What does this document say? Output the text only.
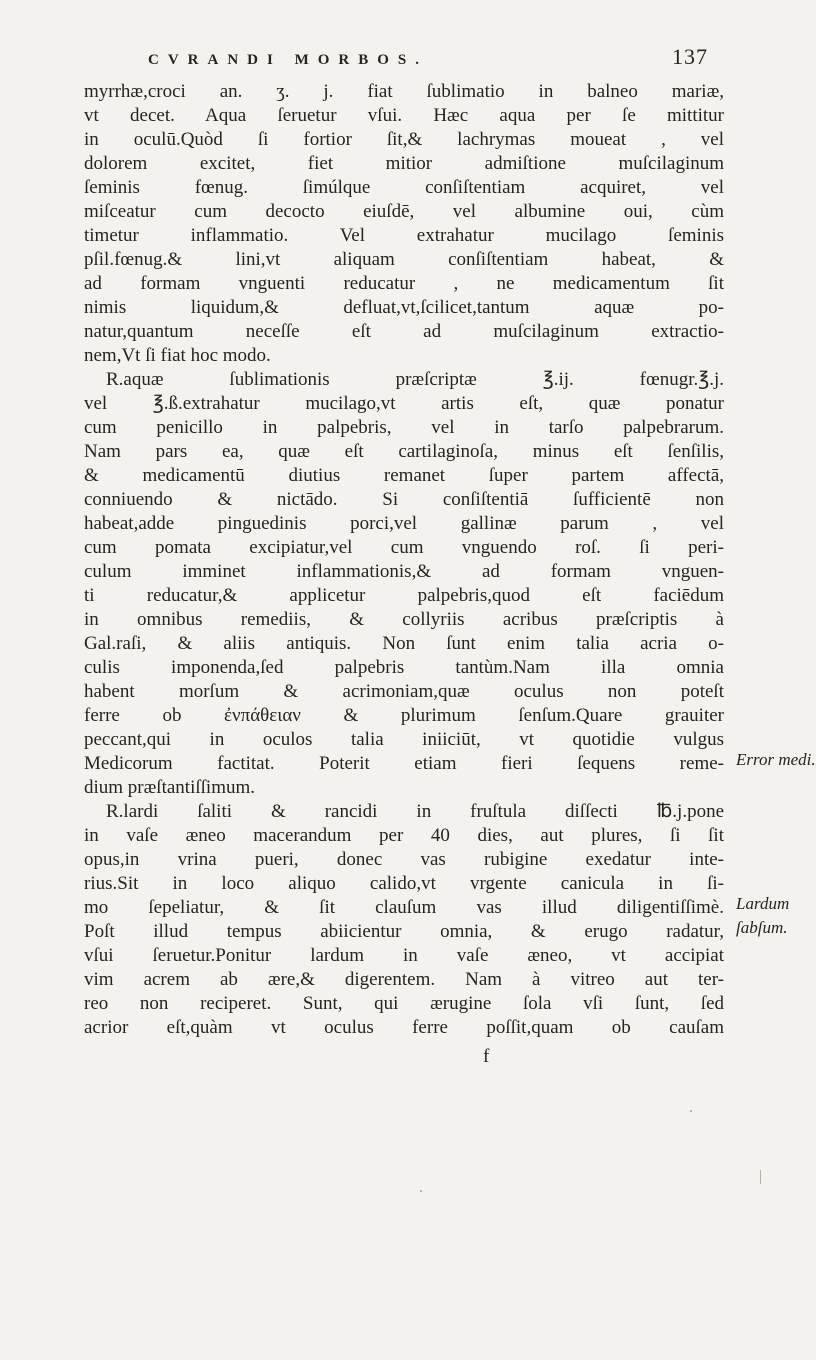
CVRANDI MORBOS.	137
myrrhæ,croci an. ʒ. j. fiat ſublimatio in balneo mariæ,
vt decet. Aqua ſeruetur vſui. Hæc aqua per ſe mittitur
in oculū.Quòd ſi fortior ſit,& lachrymas moueat , vel
dolorem excitet, fiet mitior admiſtione muſcilaginum
ſeminis fœnug. ſimúlque conſiſtentiam acquiret, vel
miſceatur cum decocto eiuſdē, vel albumine oui, cùm
timetur inflammatio. Vel extrahatur mucilago ſeminis
pſil.fœnug.& lini,vt aliquam conſiſtentiam habeat, &
ad formam vnguenti reducatur , ne medicamentum ſit
nimis liquidum,& defluat,vt,ſcilicet,tantum aquæ po-
natur,quantum neceſſe eſt ad muſcilaginum extractio-
nem,Vt ſi fiat hoc modo.
R.aquæ ſublimationis præſcriptæ ℥.ij. fœnugr.℥.j.
vel ℥.ß.extrahatur mucilago,vt artis eſt, quæ ponatur
cum penicillo in palpebris, vel in tarſo palpebrarum.
Nam pars ea, quæ eſt cartilaginoſa, minus eſt ſenſilis,
& medicamentū diutius remanet ſuper partem affectā,
conniuendo & nictādo. Si conſiſtentiā ſufficientē non
habeat,adde pinguedinis porci,vel gallinæ parum , vel
cum pomata excipiatur,vel cum vnguendo roſ. ſi peri-
culum imminet inflammationis,& ad formam vnguen-
ti reducatur,& applicetur palpebris,quod eſt faciēdum
in omnibus remediis, & collyriis acribus præſcriptis à
Gal.raſi, & aliis antiquis. Non ſunt enim talia acria o-
culis imponenda,ſed palpebris tantùm.Nam illa omnia
habent morſum & acrimoniam,quæ oculus non poteſt
ferre ob ἐνπάθειαν & plurimum ſenſum.Quare grauiter
peccant,qui in oculos talia iniiciūt, vt quotidie vulgus
Medicorum factitat. Poterit etiam fieri ſequens reme-
dium præſtantiſſimum.
R.lardi ſaliti & rancidi in fruſtula diſſecti ℔.j.pone
in vaſe æneo macerandum per 40 dies, aut plures, ſi ſit
opus,in vrina pueri, donec vas rubigine exedatur inte-
rius.Sit in loco aliquo calido,vt vrgente canicula in ſi-
mo ſepeliatur, & ſit clauſum vas illud diligentiſſimè.
Poſt illud tempus abiicientur omnia, & erugo radatur,
vſui ſeruetur.Ponitur lardum in vaſe æneo, vt accipiat
vim acrem ab ære,& digerentem. Nam à vitreo aut ter-
reo non reciperet. Sunt, qui ærugine ſola vſi ſunt, ſed
acrior eſt,quàm vt oculus ferre poſſit,quam ob cauſam
Error medi.
Lardum
ſabſum.
f
